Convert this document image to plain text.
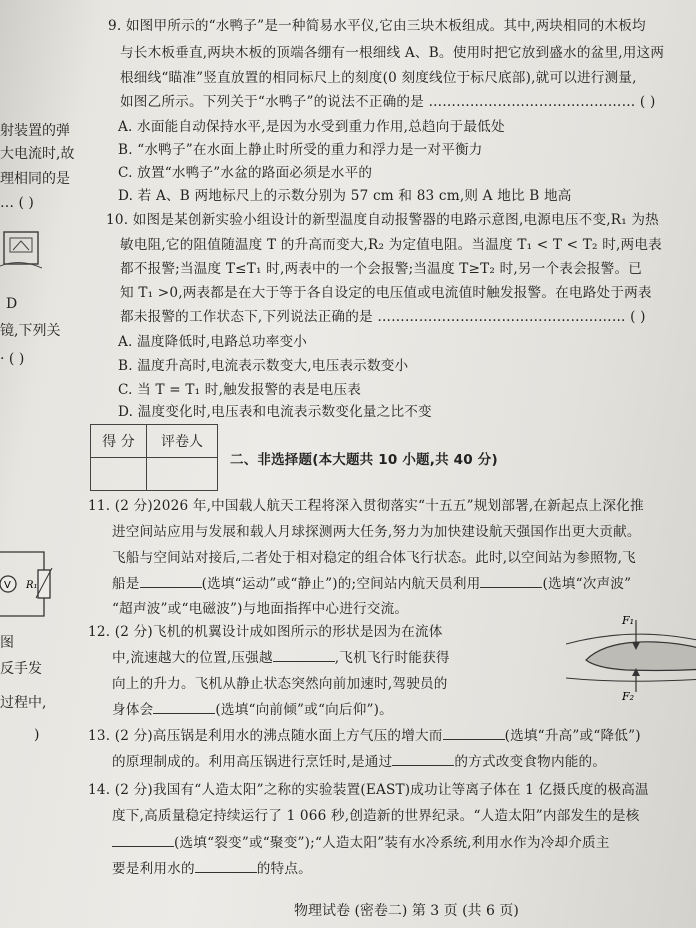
射装置的弹
大电流时,故
理相同的是
… ( )
D
镜,下列关
· ( )
V R₁
图
反手发
过程中,
)
9. 如图甲所示的“水鸭子”是一种简易水平仪,它由三块木板组成。其中,两块相同的木板均
与长木板垂直,两块木板的顶端各绷有一根细线 A、B。使用时把它放到盛水的盆里,用这两
根细线“瞄准”竖直放置的相同标尺上的刻度(0 刻度线位于标尺底部),就可以进行测量,
如图乙所示。下列关于“水鸭子”的说法不正确的是 ……………………………………… ( )
A. 水面能自动保持水平,是因为水受到重力作用,总趋向于最低处
B. “水鸭子”在水面上静止时所受的重力和浮力是一对平衡力
C. 放置“水鸭子”水盆的路面必须是水平的
D. 若 A、B 两地标尺上的示数分别为 57 cm 和 83 cm,则 A 地比 B 地高
10. 如图是某创新实验小组设计的新型温度自动报警器的电路示意图,电源电压不变,R₁ 为热
敏电阻,它的阻值随温度 T 的升高而变大,R₂ 为定值电阻。当温度 T₁ < T < T₂ 时,两电表
都不报警;当温度 T≤T₁ 时,两表中的一个会报警;当温度 T≥T₂ 时,另一个表会报警。已
知 T₁ >0,两表都是在大于等于各自设定的电压值或电流值时触发报警。在电路处于两表
都未报警的工作状态下,下列说法正确的是 ……………………………………………… ( )
A. 温度降低时,电路总功率变小
B. 温度升高时,电流表示数变大,电压表示数变小
C. 当 T = T₁ 时,触发报警的表是电压表
D. 温度变化时,电压表和电流表示数变化量之比不变
得 分	评卷人

二、非选择题(本大题共 10 小题,共 40 分)
11. (2 分)2026 年,中国载人航天工程将深入贯彻落实“十五五”规划部署,在新起点上深化推
进空间站应用与发展和载人月球探测两大任务,努力为加快建设航天强国作出更大贡献。
飞船与空间站对接后,二者处于相对稳定的组合体飞行状态。此时,以空间站为参照物,飞
船是	(选填“运动”或“静止”)的;空间站内航天员利用	(选填“次声波”
“超声波”或“电磁波”)与地面指挥中心进行交流。
12. (2 分)飞机的机翼设计成如图所示的形状是因为在流体
中,流速越大的位置,压强越	,飞机飞行时能获得
向上的升力。飞机从静止状态突然向前加速时,驾驶员的
身体会	(选填“向前倾”或“向后仰”)。
F₁
F₂
13. (2 分)高压锅是利用水的沸点随水面上方气压的增大而	(选填“升高”或“降低”)
的原理制成的。利用高压锅进行烹饪时,是通过	的方式改变食物内能的。
14. (2 分)我国有“人造太阳”之称的实验装置(EAST)成功让等离子体在 1 亿摄氏度的极高温
度下,高质量稳定持续运行了 1 066 秒,创造新的世界纪录。“人造太阳”内部发生的是核
(选填“裂变”或“聚变”);“人造太阳”装有水冷系统,利用水作为冷却介质主
要是利用水的	的特点。
物理试卷 (密卷二) 第 3 页 (共 6 页)
